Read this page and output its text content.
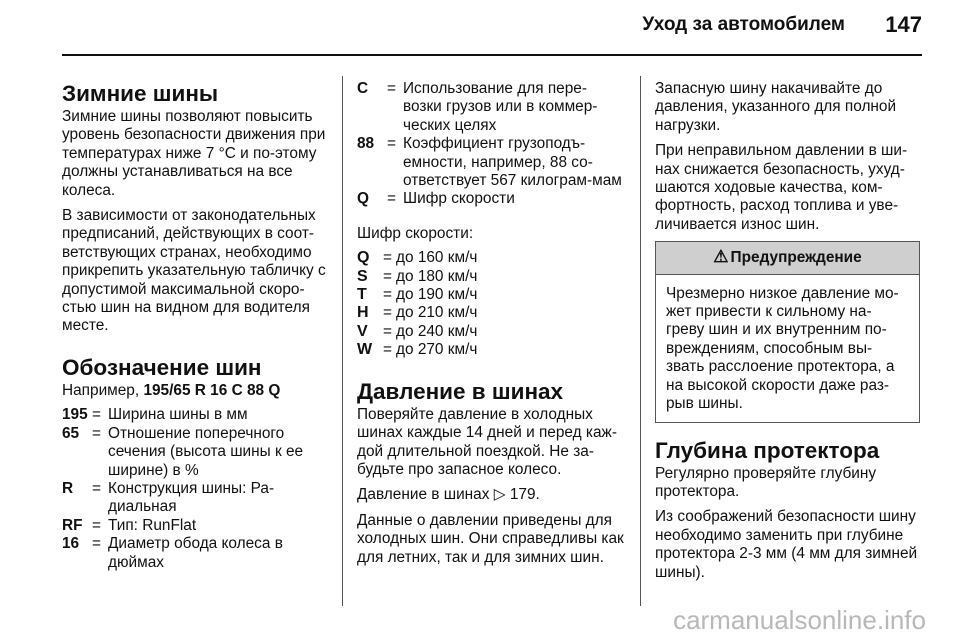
Уход за автомобилем 147
Зимние шины

Зимние шины позволяют повысить уровень безопасности движения при температурах ниже 7 °C и по-этому должны устанавливаться на все колеса.

В зависимости от законодательных предписаний, действующих в соот-ветствующих странах, необходимо прикрепить указательную табличку с допустимой максимальной скоро-стью шин на видном для водителя месте.

Обозначение шин

Например, 195/65 R 16 C 88 Q

195 = Ширина шины в мм
65 = Отношение поперечного сечения (высота шины к ее ширине) в %
R	= Конструкция шины: Ра-диальная
RF = Тип: RunFlat
16 = Диаметр обода колеса в дюймах
C	= Использование для пере-возки грузов или в коммер-ческих целях
88 = Коэффициент грузоподъ-емности, например, 88 со-ответствует 567 килограм-мам
Q	= Шифр скорости

Шифр скорости:

Q = до 160 км/ч
S = до 180 км/ч
T	= до 190 км/ч
H = до 210 км/ч
V = до 240 км/ч
W = до 270 км/ч
Давление в шинах

Поверяйте давление в холодных шинах каждые 14 дней и перед каж-дой длительной поездкой. Не за-будьте про запасное колесо.

Давление в шинах ▷ 179.

Данные о давлении приведены для холодных шин. Они справедливы как для летних, так и для зимних шин.

Запасную шину накачивайте до давления, указанного для полной нагрузки.

При неправильном давлении в ши-нах снижается безопасность, ухуд-шаются ходовые качества, ком-фортность, расход топлива и уве-личивается износ шин.

⚠ Предупреждение
Чрезмерно низкое давление мо-жет привести к сильному на-греву шин и их внутренним по-вреждениям, способным вы-звать расслоение протектора, а на высокой скорости даже раз-рыв шины.
Глубина протектора

Регулярно проверяйте глубину протектора.

Из соображений безопасности шину необходимо заменить при глубине протектора 2-3 мм (4 мм для зимней шины).

carmanualsonline.info
